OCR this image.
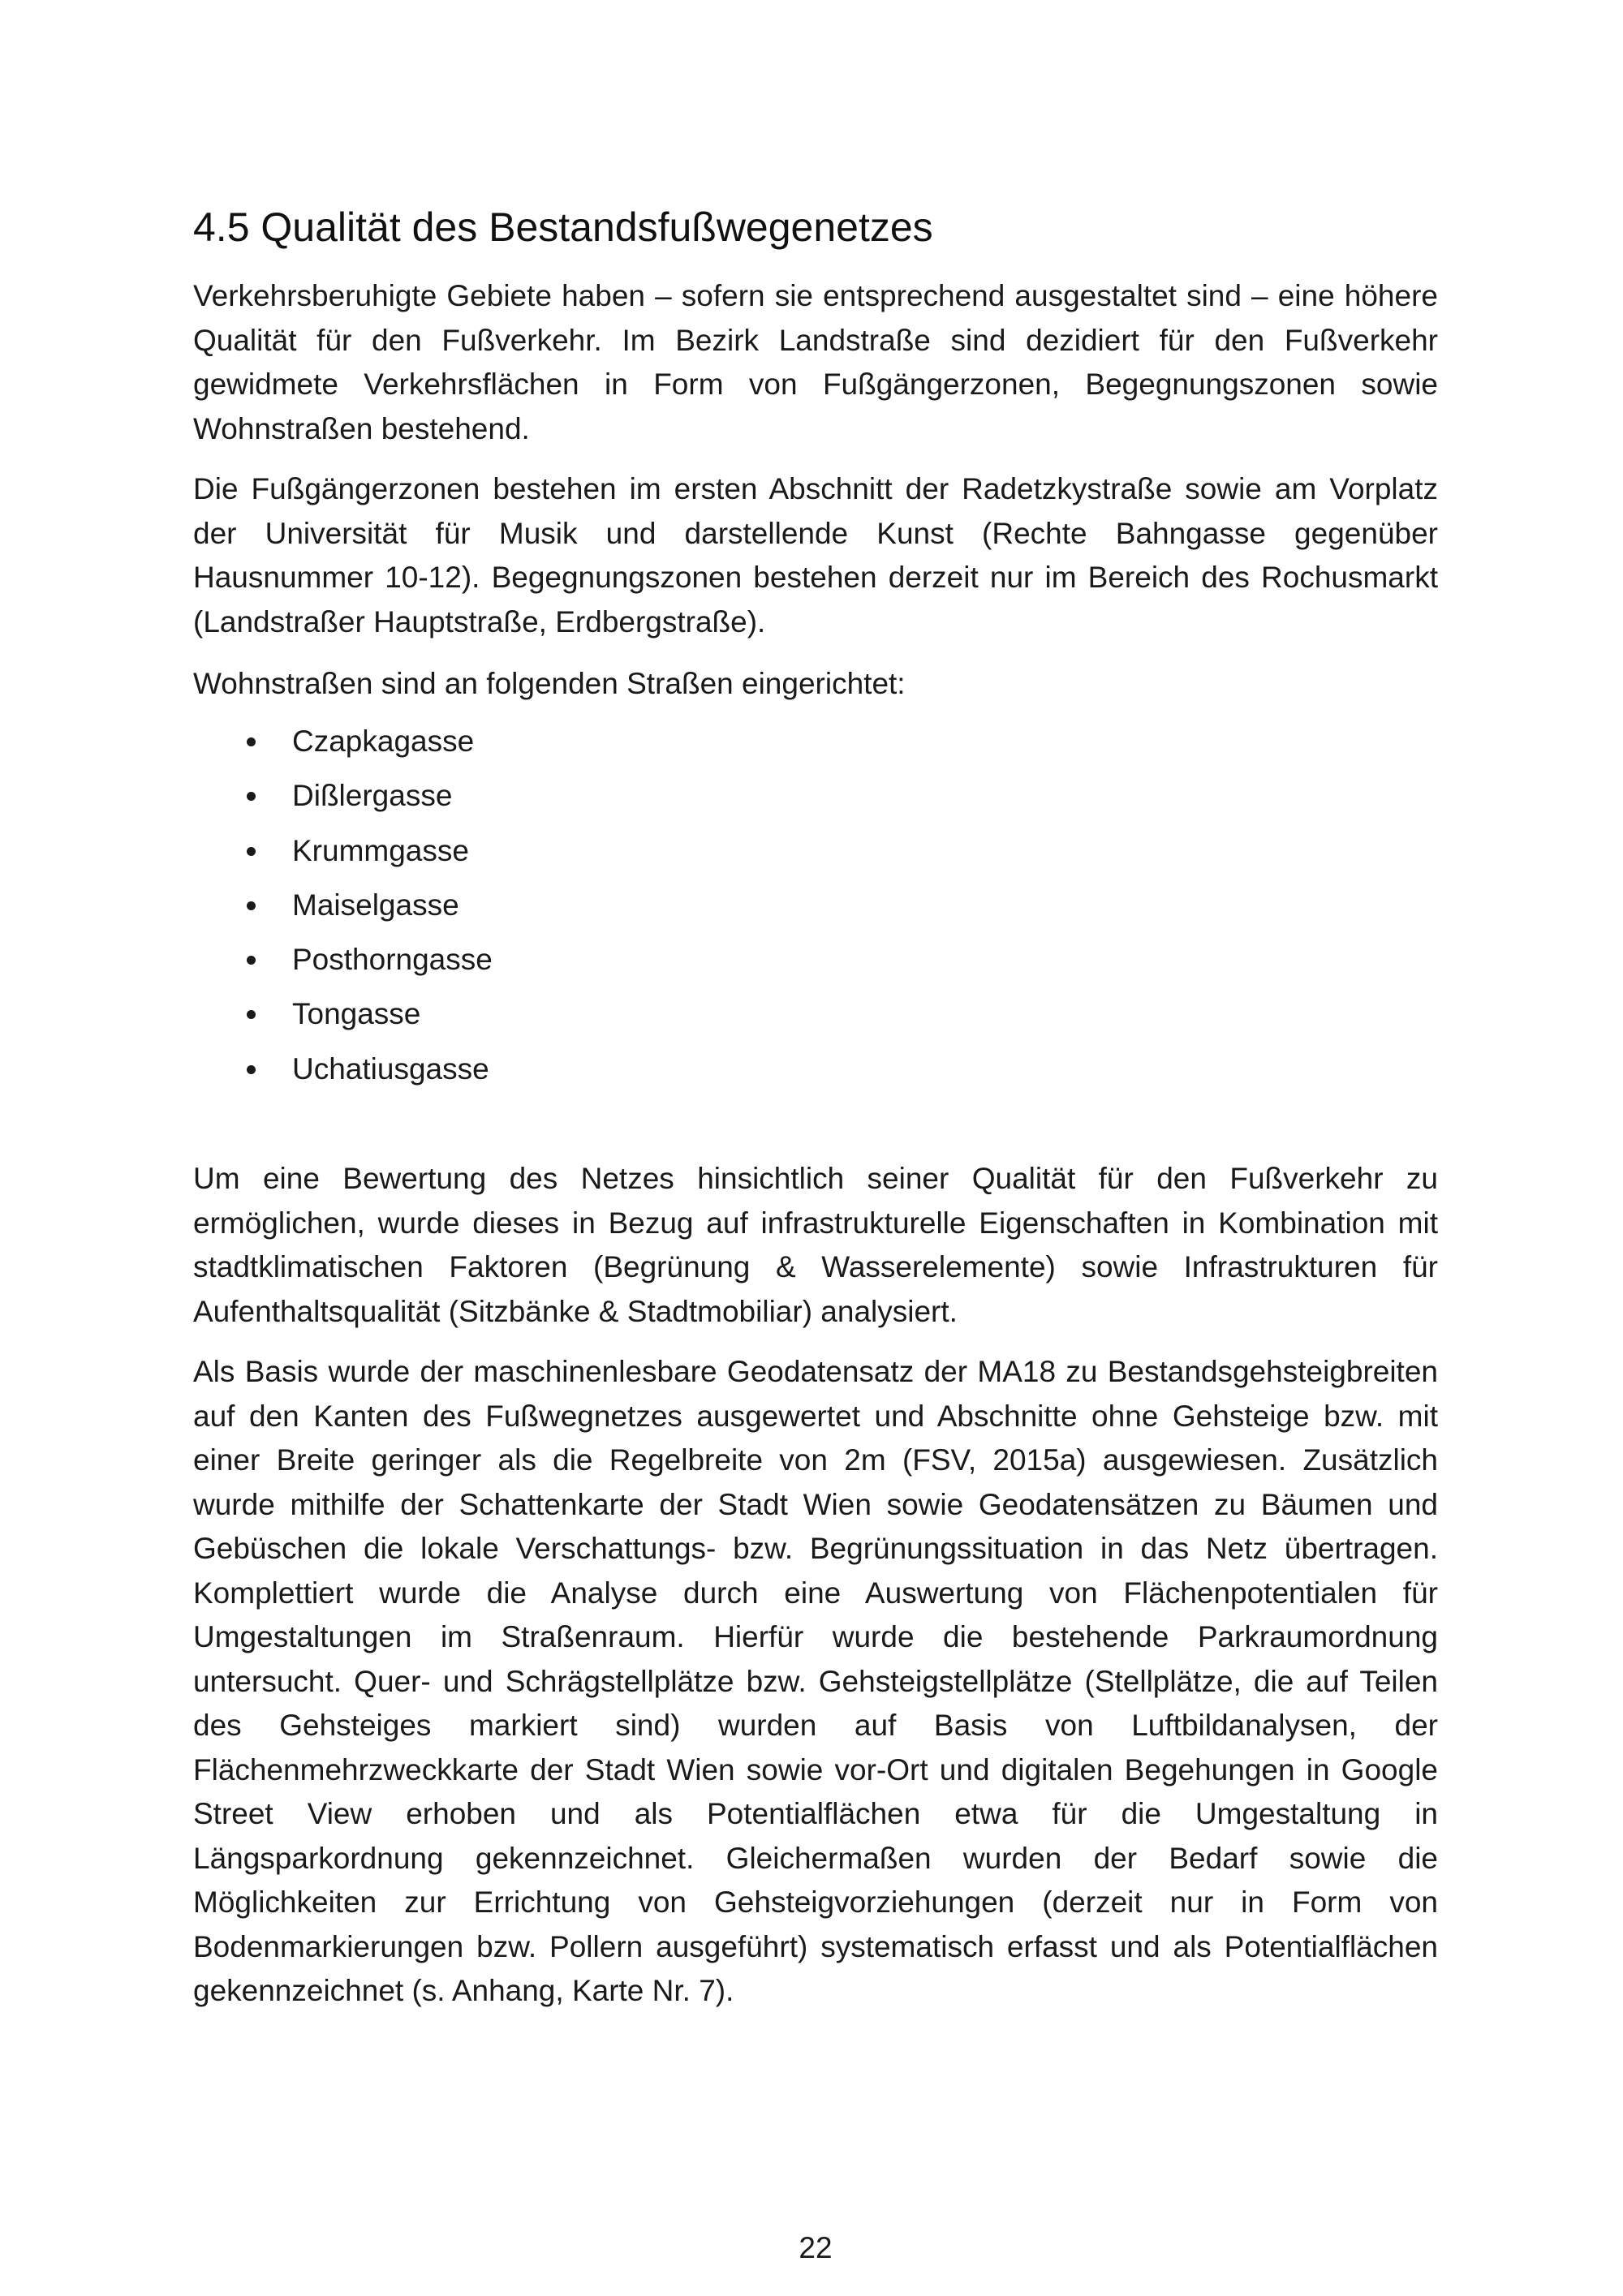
4.5 Qualität des Bestandsfußwegenetzes

Verkehrsberuhigte Gebiete haben – sofern sie entsprechend ausgestaltet sind – eine höhere Qualität für den Fußverkehr. Im Bezirk Landstraße sind dezidiert für den Fußverkehr gewidmete Verkehrsflächen in Form von Fußgängerzonen, Begegnungszonen sowie Wohnstraßen bestehend.

Die Fußgängerzonen bestehen im ersten Abschnitt der Radetzkystraße sowie am Vorplatz der Universität für Musik und darstellende Kunst (Rechte Bahngasse gegenüber Hausnummer 10-12). Begegnungszonen bestehen derzeit nur im Bereich des Rochusmarkt (Landstraßer Hauptstraße, Erdbergstraße).

Wohnstraßen sind an folgenden Straßen eingerichtet:

Czapkagasse
Dißlergasse
Krummgasse
Maiselgasse
Posthorngasse
Tongasse
Uchatiusgasse

Um eine Bewertung des Netzes hinsichtlich seiner Qualität für den Fußverkehr zu ermöglichen, wurde dieses in Bezug auf infrastrukturelle Eigenschaften in Kombination mit stadtklimatischen Faktoren (Begrünung & Wasserelemente) sowie Infrastrukturen für Aufenthaltsqualität (Sitzbänke & Stadtmobiliar) analysiert.

Als Basis wurde der maschinenlesbare Geodatensatz der MA18 zu Bestandsgehsteigbreiten auf den Kanten des Fußwegnetzes ausgewertet und Abschnitte ohne Gehsteige bzw. mit einer Breite geringer als die Regelbreite von 2m (FSV, 2015a) ausgewiesen. Zusätzlich wurde mithilfe der Schattenkarte der Stadt Wien sowie Geodatensätzen zu Bäumen und Gebüschen die lokale Verschattungs- bzw. Begrünungssituation in das Netz übertragen. Komplettiert wurde die Analyse durch eine Auswertung von Flächenpotentialen für Umgestaltungen im Straßenraum. Hierfür wurde die bestehende Parkraumordnung untersucht. Quer- und Schrägstellplätze bzw. Gehsteigstellplätze (Stellplätze, die auf Teilen des Gehsteiges markiert sind) wurden auf Basis von Luftbildanalysen, der Flächenmehrzweckkarte der Stadt Wien sowie vor-Ort und digitalen Begehungen in Google Street View erhoben und als Potentialflächen etwa für die Umgestaltung in Längsparkordnung gekennzeichnet. Gleichermaßen wurden der Bedarf sowie die Möglichkeiten zur Errichtung von Gehsteigvorziehungen (derzeit nur in Form von Bodenmarkierungen bzw. Pollern ausgeführt) systematisch erfasst und als Potentialflächen gekennzeichnet (s. Anhang, Karte Nr. 7).

22
